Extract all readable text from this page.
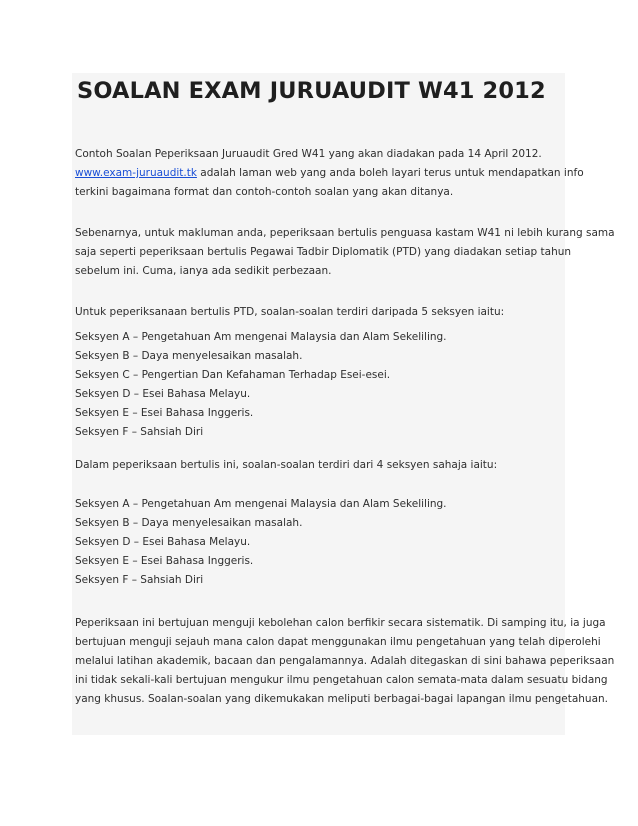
SOALAN EXAM JURUAUDIT W41 2012
Contoh Soalan Peperiksaan Juruaudit Gred W41 yang akan diadakan pada 14 April 2012.
www.exam-juruaudit.tk adalah laman web yang anda boleh layari terus untuk mendapatkan info
terkini bagaimana format dan contoh-contoh soalan yang akan ditanya.
Sebenarnya, untuk makluman anda, peperiksaan bertulis penguasa kastam W41 ni lebih kurang sama
saja seperti peperiksaan bertulis Pegawai Tadbir Diplomatik (PTD) yang diadakan setiap tahun
sebelum ini. Cuma, ianya ada sedikit perbezaan.
Untuk peperiksanaan bertulis PTD, soalan-soalan terdiri daripada 5 seksyen iaitu:
Seksyen A – Pengetahuan Am mengenai Malaysia dan Alam Sekeliling.
Seksyen B – Daya menyelesaikan masalah.
Seksyen C – Pengertian Dan Kefahaman Terhadap Esei-esei.
Seksyen D – Esei Bahasa Melayu.
Seksyen E – Esei Bahasa Inggeris.
Seksyen F – Sahsiah Diri
Dalam peperiksaan bertulis ini, soalan-soalan terdiri dari 4 seksyen sahaja iaitu:
Seksyen A – Pengetahuan Am mengenai Malaysia dan Alam Sekeliling.
Seksyen B – Daya menyelesaikan masalah.
Seksyen D – Esei Bahasa Melayu.
Seksyen E – Esei Bahasa Inggeris.
Seksyen F – Sahsiah Diri
Peperiksaan ini bertujuan menguji kebolehan calon berfikir secara sistematik. Di samping itu, ia juga
bertujuan menguji sejauh mana calon dapat menggunakan ilmu pengetahuan yang telah diperolehi
melalui latihan akademik, bacaan dan pengalamannya. Adalah ditegaskan di sini bahawa peperiksaan
ini tidak sekali-kali bertujuan mengukur ilmu pengetahuan calon semata-mata dalam sesuatu bidang
yang khusus. Soalan-soalan yang dikemukakan meliputi berbagai-bagai lapangan ilmu pengetahuan.
